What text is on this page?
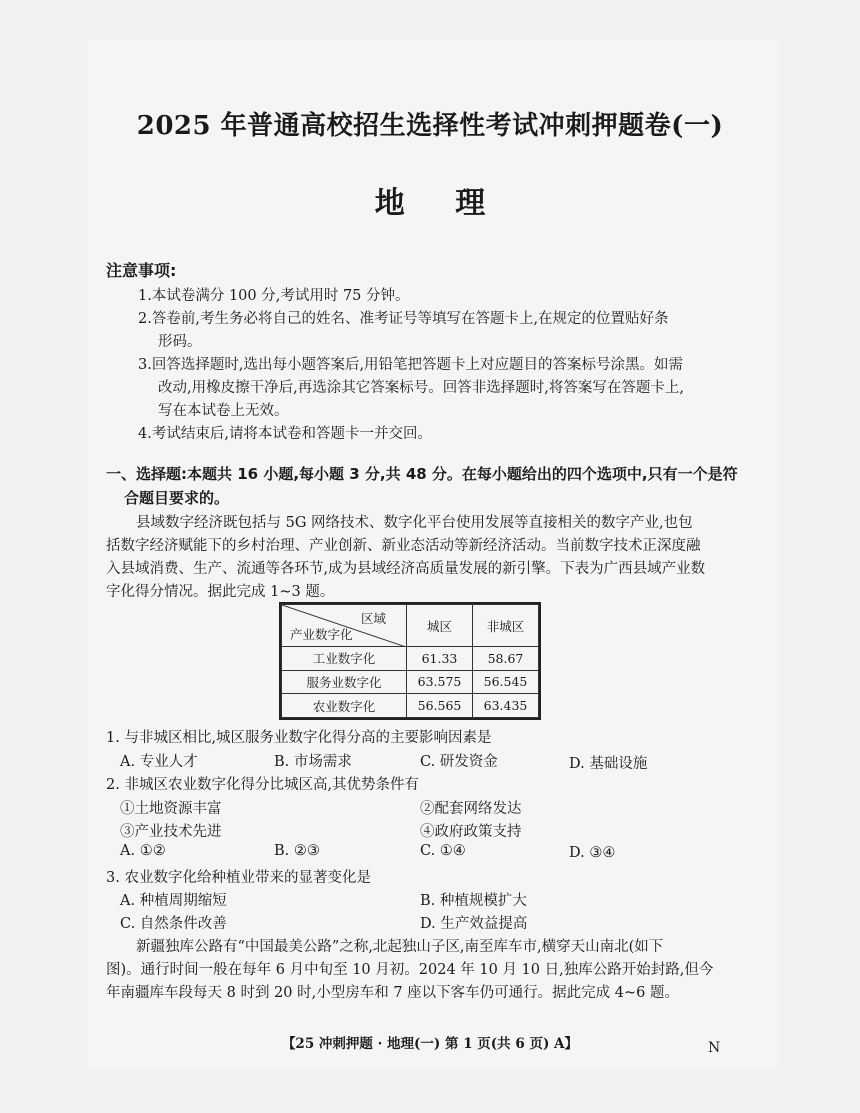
2025 年普通高校招生选择性考试冲刺押题卷(一)
地 理
注意事项:
1.本试卷满分 100 分,考试用时 75 分钟。
2.答卷前,考生务必将自己的姓名、准考证号等填写在答题卡上,在规定的位置贴好条
形码。
3.回答选择题时,选出每小题答案后,用铅笔把答题卡上对应题目的答案标号涂黑。如需
改动,用橡皮擦干净后,再选涂其它答案标号。回答非选择题时,将答案写在答题卡上,
写在本试卷上无效。
4.考试结束后,请将本试卷和答题卡一并交回。
一、选择题:本题共 16 小题,每小题 3 分,共 48 分。在每小题给出的四个选项中,只有一个是符
合题目要求的。
县域数字经济既包括与 5G 网络技术、数字化平台使用发展等直接相关的数字产业,也包
括数字经济赋能下的乡村治理、产业创新、新业态活动等新经济活动。当前数字技术正深度融
入县域消费、生产、流通等各环节,成为县域经济高质量发展的新引擎。下表为广西县域产业数
字化得分情况。据此完成 1~3 题。
区域
产业数字化	城区	非城区
工业数字化	61.33	58.67
服务业数字化	63.575	56.545
农业数字化	56.565	63.435
1. 与非城区相比,城区服务业数字化得分高的主要影响因素是
A. 专业人才	B. 市场需求	C. 研发资金	D. 基础设施
2. 非城区农业数字化得分比城区高,其优势条件有
①土地资源丰富	②配套网络发达
③产业技术先进	④政府政策支持
A. ①②	B. ②③	C. ①④	D. ③④
3. 农业数字化给种植业带来的显著变化是
A. 种植周期缩短	B. 种植规模扩大
C. 自然条件改善	D. 生产效益提高
新疆独库公路有“中国最美公路”之称,北起独山子区,南至库车市,横穿天山南北(如下
图)。通行时间一般在每年 6 月中旬至 10 月初。2024 年 10 月 10 日,独库公路开始封路,但今
年南疆库车段每天 8 时到 20 时,小型房车和 7 座以下客车仍可通行。据此完成 4~6 题。
【25 冲刺押题 · 地理(一) 第 1 页(共 6 页) A】	N
